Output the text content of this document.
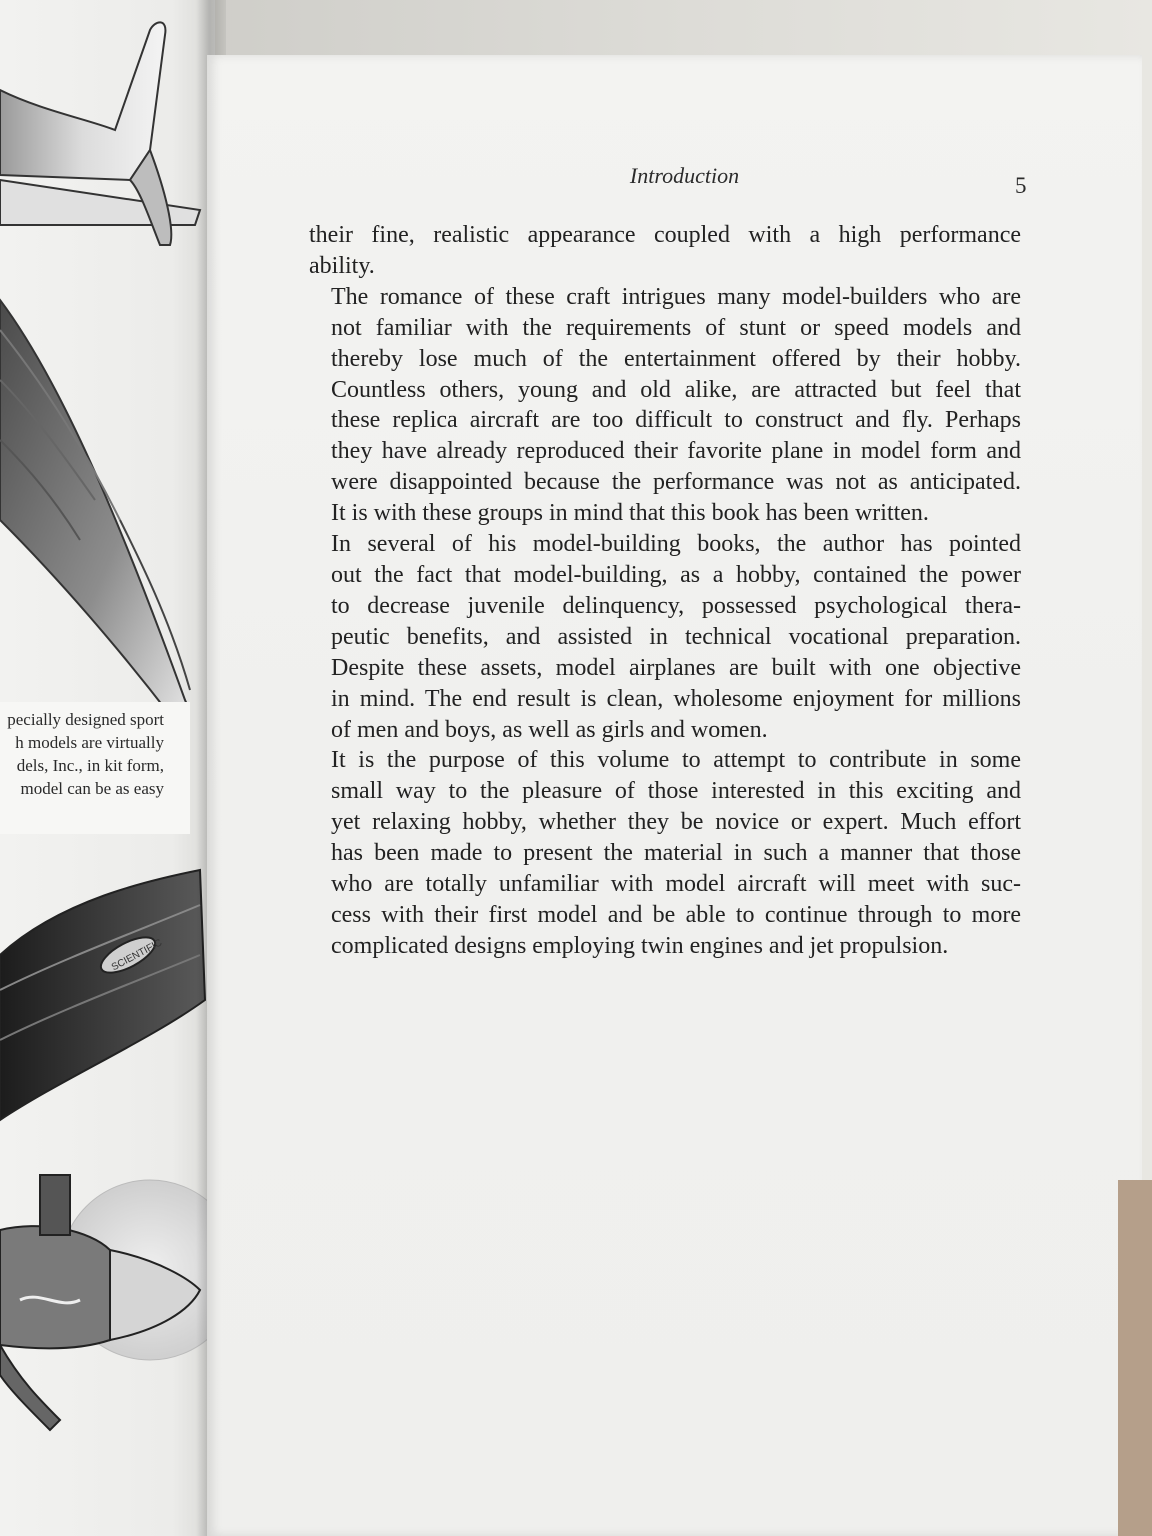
SCIENTIFIC
pecially designed sport
h models are virtually
dels, Inc., in kit form,
model can be as easy
Introduction	5

their fine, realistic appearance coupled with a high performance
ability.

The romance of these craft intrigues many model-builders who are
not familiar with the requirements of stunt or speed models and
thereby lose much of the entertainment offered by their hobby.
Countless others, young and old alike, are attracted but feel that
these replica aircraft are too difficult to construct and fly. Perhaps
they have already reproduced their favorite plane in model form and
were disappointed because the performance was not as anticipated.
It is with these groups in mind that this book has been written.

In several of his model-building books, the author has pointed
out the fact that model-building, as a hobby, contained the power
to decrease juvenile delinquency, possessed psychological thera-
peutic benefits, and assisted in technical vocational preparation.
Despite these assets, model airplanes are built with one objective
in mind. The end result is clean, wholesome enjoyment for millions
of men and boys, as well as girls and women.

It is the purpose of this volume to attempt to contribute in some
small way to the pleasure of those interested in this exciting and
yet relaxing hobby, whether they be novice or expert. Much effort
has been made to present the material in such a manner that those
who are totally unfamiliar with model aircraft will meet with suc-
cess with their first model and be able to continue through to more
complicated designs employing twin engines and jet propulsion.
